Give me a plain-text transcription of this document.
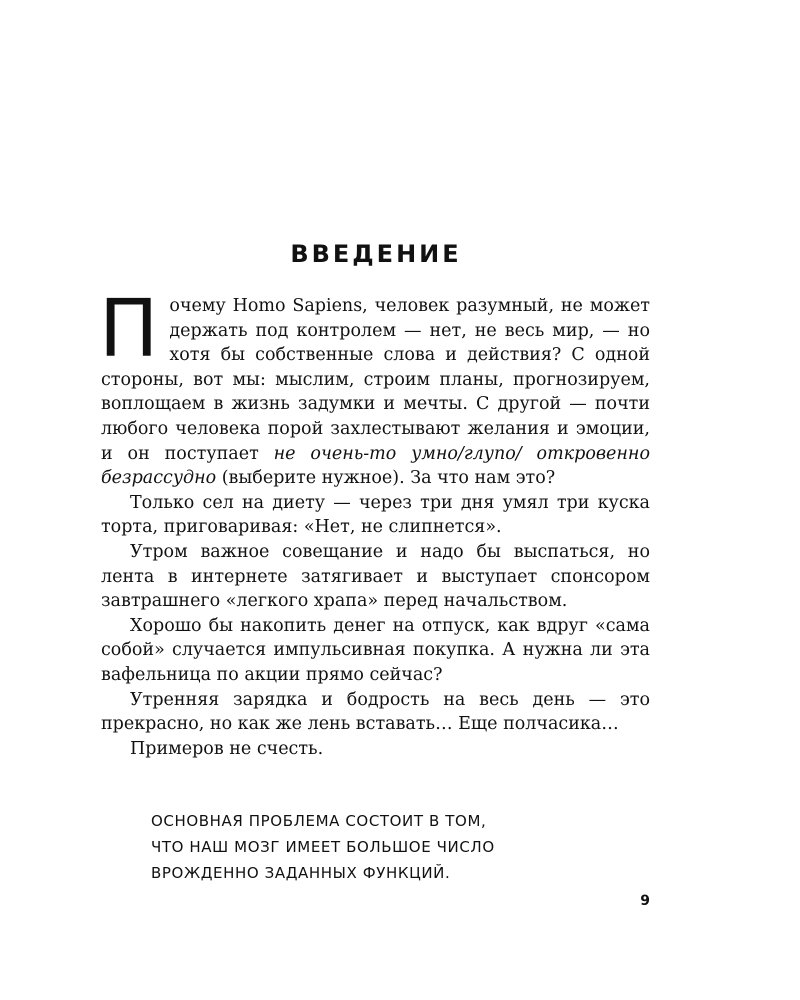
ВВЕДЕНИЕ

Почему Homo Sapiens, человек разумный, не может держать под контролем — нет, не весь мир, — но хотя бы собственные слова и действия? С одной стороны, вот мы: мыслим, строим планы, прогнозируем, воплощаем в жизнь задумки и мечты. С другой — почти любого человека порой захлестывают желания и эмоции, и он поступает не очень-то умно/глупо/ откровенно безрассудно (выберите нужное). За что нам это?

Только сел на диету — через три дня умял три куска торта, приговаривая: «Нет, не слипнется».

Утром важное совещание и надо бы выспаться, но лента в интернете затягивает и выступает спонсором завтрашнего «легкого храпа» перед начальством.

Хорошо бы накопить денег на отпуск, как вдруг «сама собой» случается импульсивная покупка. А нужна ли эта вафельница по акции прямо сейчас?

Утренняя зарядка и бодрость на весь день — это прекрасно, но как же лень вставать… Еще полчасика…

Примеров не счесть.

ОСНОВНАЯ ПРОБЛЕМА СОСТОИТ В ТОМ,
ЧТО НАШ МОЗГ ИМЕЕТ БОЛЬШОЕ ЧИСЛО
ВРОЖДЕННО ЗАДАННЫХ ФУНКЦИЙ.
9
